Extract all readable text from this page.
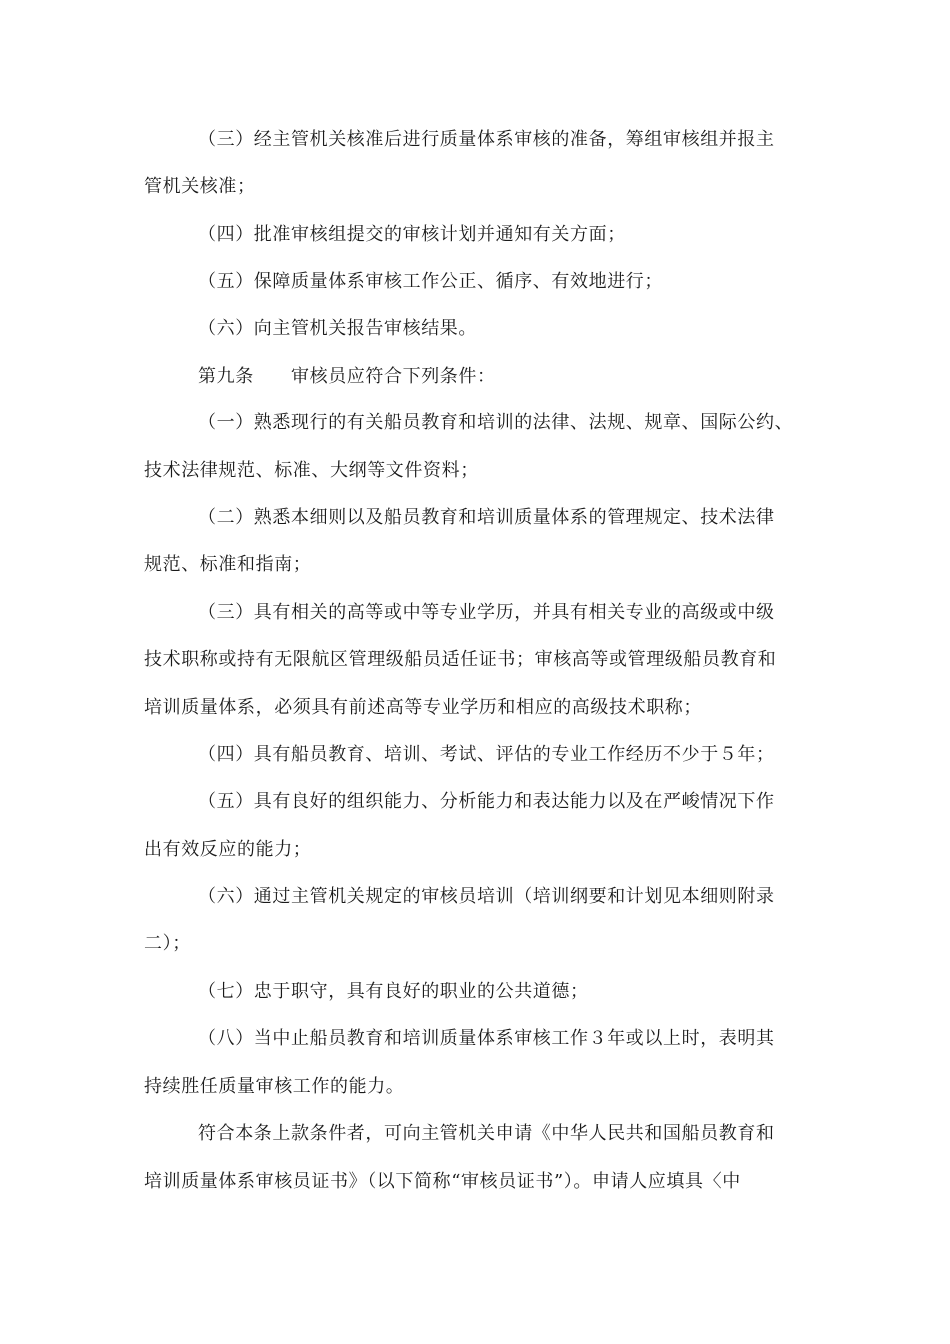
（三）经主管机关核准后进行质量体系审核的准备，筹组审核组并报主
管机关核准；
（四）批准审核组提交的审核计划并通知有关方面；
（五）保障质量体系审核工作公正、循序、有效地进行；
（六）向主管机关报告审核结果。
第九条　　审核员应符合下列条件：
（一）熟悉现行的有关船员教育和培训的法律、法规、规章、国际公约、
技术法律规范、标准、大纲等文件资料；
（二）熟悉本细则以及船员教育和培训质量体系的管理规定、技术法律
规范、标准和指南；
（三）具有相关的高等或中等专业学历，并具有相关专业的高级或中级
技术职称或持有无限航区管理级船员适任证书；审核高等或管理级船员教育和
培训质量体系，必须具有前述高等专业学历和相应的高级技术职称；
（四）具有船员教育、培训、考试、评估的专业工作经历不少于５年；
（五）具有良好的组织能力、分析能力和表达能力以及在严峻情况下作
出有效反应的能力；
（六）通过主管机关规定的审核员培训（培训纲要和计划见本细则附录
二）；
（七）忠于职守，具有良好的职业的公共道德；
（八）当中止船员教育和培训质量体系审核工作３年或以上时，表明其
持续胜任质量审核工作的能力。
符合本条上款条件者，可向主管机关申请《中华人民共和国船员教育和
培训质量体系审核员证书》（以下简称“审核员证书”）。申请人应填具〈中
